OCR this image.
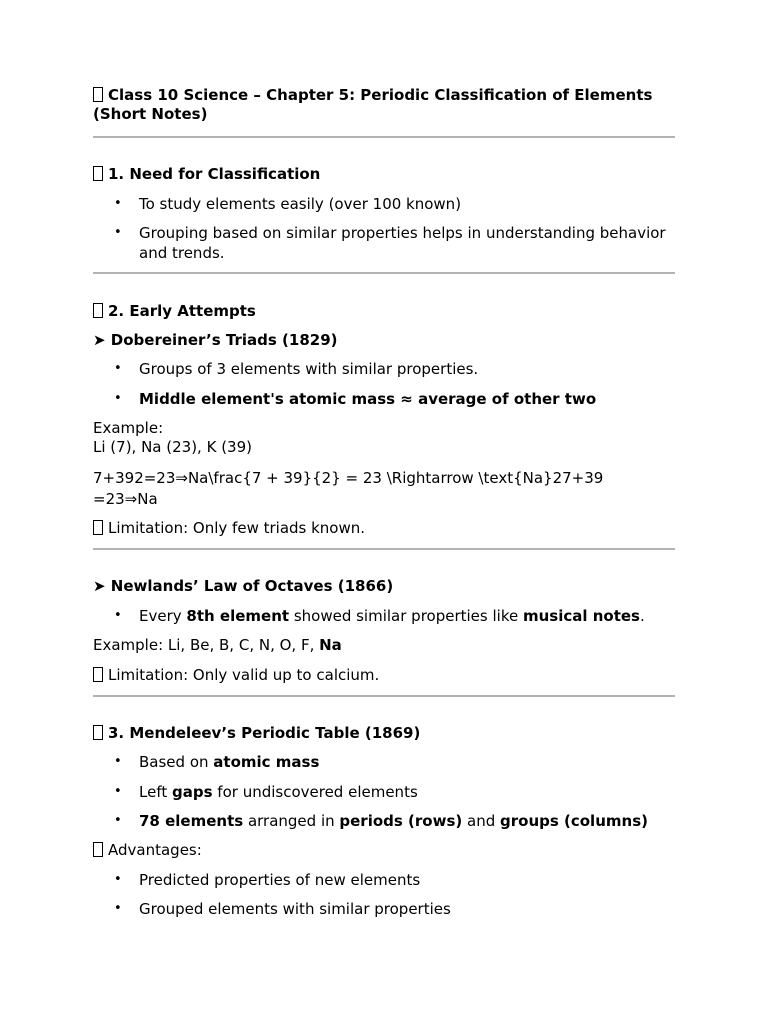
Class 10 Science – Chapter 5: Periodic Classification of Elements (Short Notes)
1. Need for Classification
• To study elements easily (over 100 known)
• Grouping based on similar properties helps in understanding behavior and trends.
2. Early Attempts
➤ Dobereiner’s Triads (1829)
• Groups of 3 elements with similar properties.
• Middle element's atomic mass ≈ average of other two
Example:
Li (7), Na (23), K (39)
7+392=23⇒Na\frac{7 + 39}{2} = 23 \Rightarrow \text{Na}27+39
=23⇒Na
Limitation: Only few triads known.
➤ Newlands’ Law of Octaves (1866)
• Every 8th element showed similar properties like musical notes.
Example: Li, Be, B, C, N, O, F, Na
Limitation: Only valid up to calcium.
3. Mendeleev’s Periodic Table (1869)
• Based on atomic mass
• Left gaps for undiscovered elements
• 78 elements arranged in periods (rows) and groups (columns)
Advantages:
• Predicted properties of new elements
• Grouped elements with similar properties
